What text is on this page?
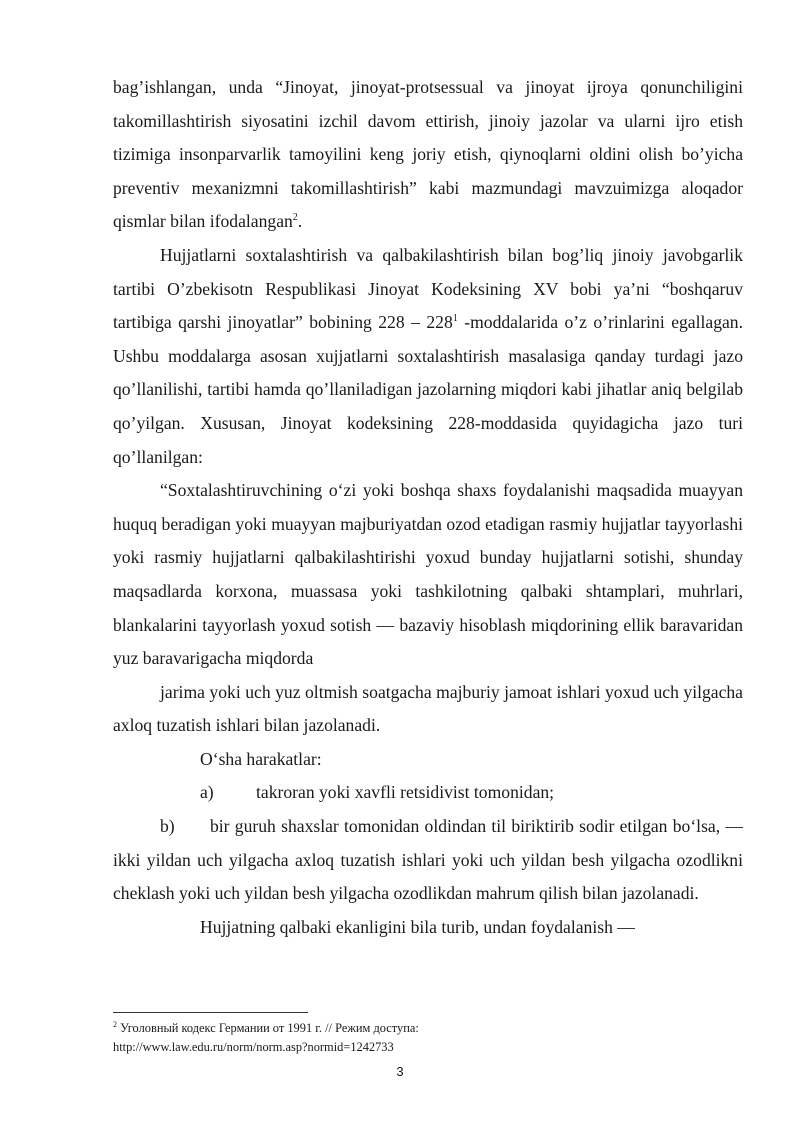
bag’ishlangan, unda “Jinoyat, jinoyat-protsessual va jinoyat ijroya qonunchiligini takomillashtirish siyosatini izchil davom ettirish, jinoiy jazolar va ularni ijro etish tizimiga insonparvarlik tamoyilini keng joriy etish, qiynoqlarni oldini olish bo’yicha preventiv mexanizmni takomillashtirish” kabi mazmundagi mavzuimizga aloqador qismlar bilan ifodalangan$^2$.

Hujjatlarni soxtalashtirish va qalbakilashtirish bilan bog’liq jinoiy javobgarlik tartibi O’zbekisotn Respublikasi Jinoyat Kodeksining XV bobi ya’ni “boshqaruv tartibiga qarshi jinoyatlar” bobining $228 - 228^1$ -moddalarida o’z o’rinlarini egallagan. Ushbu moddalarga asosan xujjatlarni soxtalashtirish masalasiga qanday turdagi jazo qo’llanilishi, tartibi hamda qo’llaniladigan jazolarning miqdori kabi jihatlar aniq belgilab qo’yilgan. Xususan, Jinoyat kodeksining 228-moddasida quyidagicha jazo turi qo’llanilgan:

“Soxtalashtiruvchining o‘zi yoki boshqa shaxs foydalanishi maqsadida muayyan huquq beradigan yoki muayyan majburiyatdan ozod etadigan rasmiy hujjatlar tayyorlashi yoki rasmiy hujjatlarni qalbakilashtirishi yoxud bunday hujjatlarni sotishi, shunday maqsadlarda korxona, muassasa yoki tashkilotning qalbaki shtamplari, muhrlari, blankalarini tayyorlash yoxud sotish — bazaviy hisoblash miqdorining ellik baravaridan yuz baravarigacha miqdorda

jarima yoki uch yuz oltmish soatgacha majburiy jamoat ishlari yoxud uch yilgacha axloq tuzatish ishlari bilan jazolanadi.

O‘sha harakatlar:

a)	takroran yoki xavfli retsidivist tomonidan;

b) bir guruh shaxslar tomonidan oldindan til biriktirib sodir etilgan bo‘lsa, — ikki yildan uch yilgacha axloq tuzatish ishlari yoki uch yildan besh yilgacha ozodlikni cheklash yoki uch yildan besh yilgacha ozodlikdan mahrum qilish bilan jazolanadi.

Hujjatning qalbaki ekanligini bila turib, undan foydalanish —

$^2$ Уголовный кодекс Германии от 1991 г. // Режим доступа:
http://www.law.edu.ru/norm/norm.asp?normid=1242733
3
